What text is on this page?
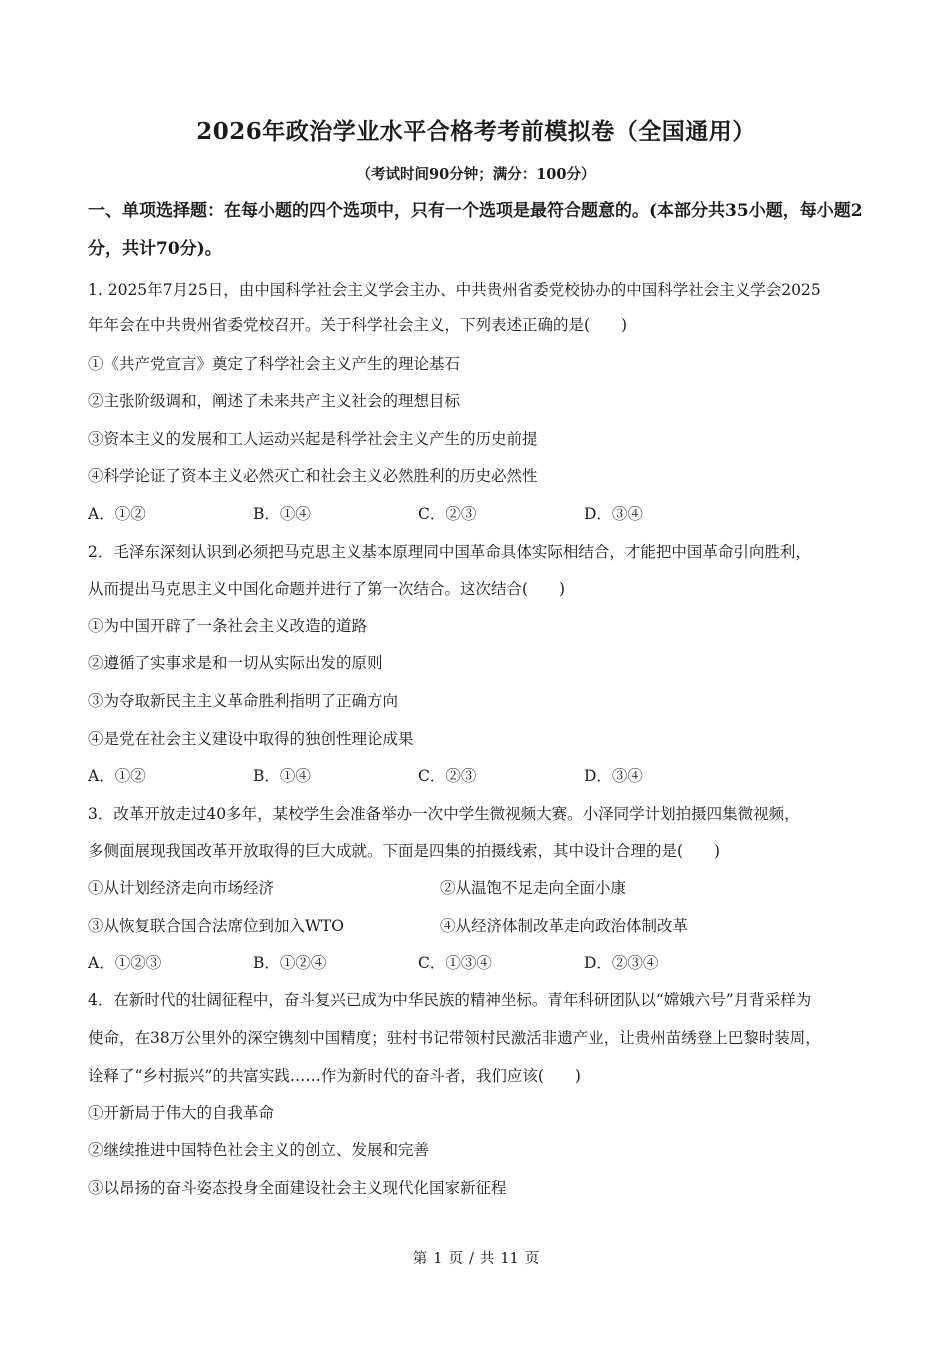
2026年政治学业水平合格考考前模拟卷（全国通用）
（考试时间90分钟；满分：100分）
一、单项选择题：在每小题的四个选项中，只有一个选项是最符合题意的。(本部分共35小题，每小题2 分，共计70分)。
1. 2025年7月25日，由中国科学社会主义学会主办、中共贵州省委党校协办的中国科学社会主义学会2025
年年会在中共贵州省委党校召开。关于科学社会主义，下列表述正确的是(　　)
①《共产党宣言》奠定了科学社会主义产生的理论基石
②主张阶级调和，阐述了未来共产主义社会的理想目标
③资本主义的发展和工人运动兴起是科学社会主义产生的历史前提
④科学论证了资本主义必然灭亡和社会主义必然胜利的历史必然性
A．①②	B．①④	C．②③	D．③④
2．毛泽东深刻认识到必须把马克思主义基本原理同中国革命具体实际相结合，才能把中国革命引向胜利，
从而提出马克思主义中国化命题并进行了第一次结合。这次结合(　　)
①为中国开辟了一条社会主义改造的道路
②遵循了实事求是和一切从实际出发的原则
③为夺取新民主主义革命胜利指明了正确方向
④是党在社会主义建设中取得的独创性理论成果
A．①②	B．①④	C．②③	D．③④
3．改革开放走过40多年，某校学生会准备举办一次中学生微视频大赛。小泽同学计划拍摄四集微视频，
多侧面展现我国改革开放取得的巨大成就。下面是四集的拍摄线索，其中设计合理的是(　　)
①从计划经济走向市场经济	②从温饱不足走向全面小康
③从恢复联合国合法席位到加入WTO	④从经济体制改革走向政治体制改革
A．①②③	B．①②④	C．①③④	D．②③④
4．在新时代的壮阔征程中，奋斗复兴已成为中华民族的精神坐标。青年科研团队以“嫦娥六号”月背采样为
使命，在38万公里外的深空镌刻中国精度；驻村书记带领村民激活非遗产业，让贵州苗绣登上巴黎时装周，
诠释了“乡村振兴”的共富实践……作为新时代的奋斗者，我们应该(　　)
①开新局于伟大的自我革命
②继续推进中国特色社会主义的创立、发展和完善
③以昂扬的奋斗姿态投身全面建设社会主义现代化国家新征程
第 1 页 / 共 11 页
